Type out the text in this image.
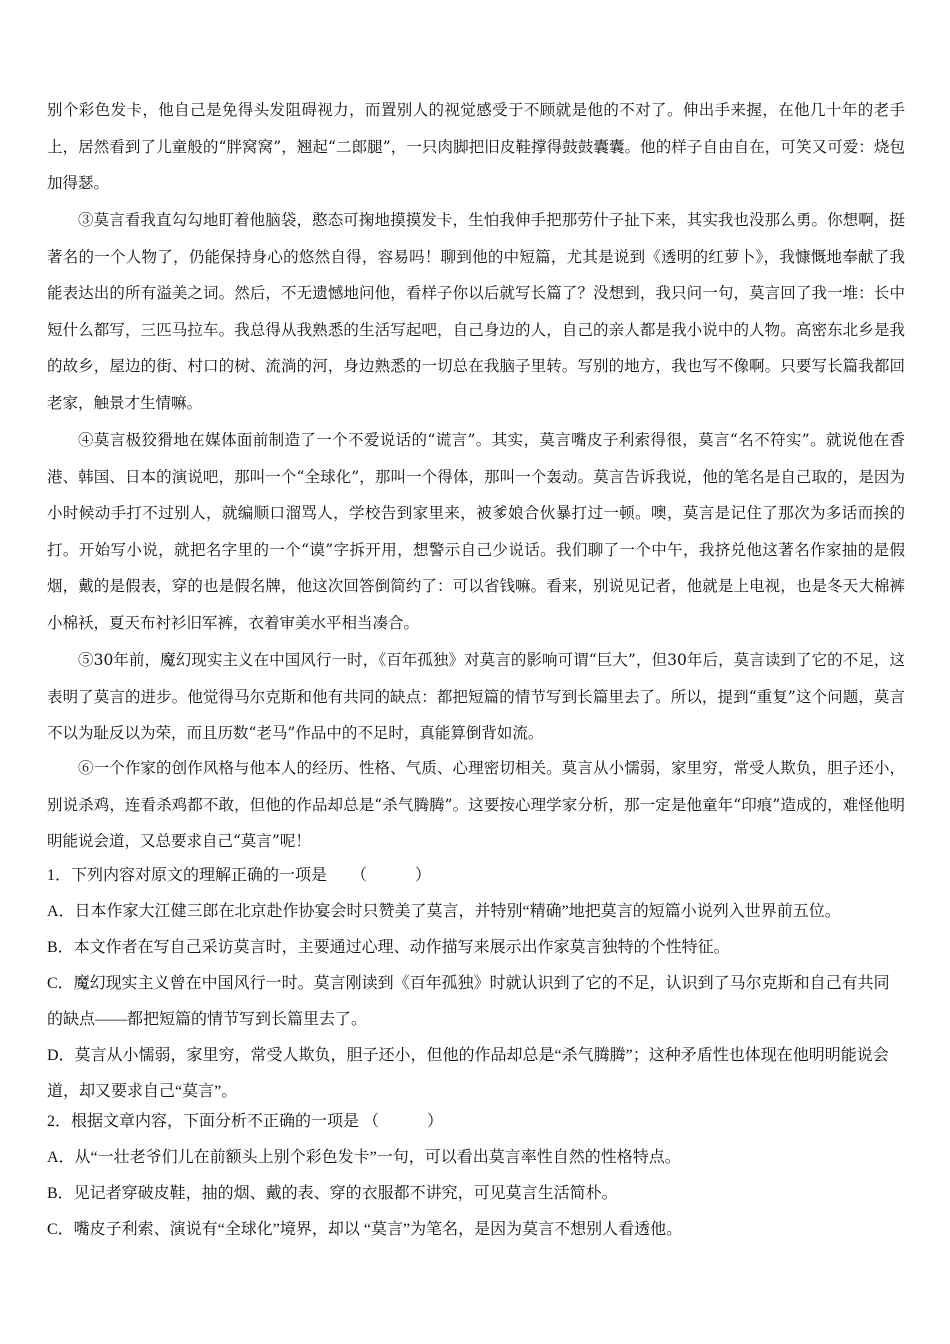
别个彩色发卡，他自己是免得头发阻碍视力，而置别人的视觉感受于不顾就是他的不对了。伸出手来握，在他几十年的老手上，居然看到了儿童般的“胖窝窝”，翘起“二郎腿”，一只肉脚把旧皮鞋撑得鼓鼓囊囊。他的样子自由自在，可笑又可爱：烧包加得瑟。

③莫言看我直勾勾地盯着他脑袋，憨态可掬地摸摸发卡，生怕我伸手把那劳什子扯下来，其实我也没那么勇。你想啊，挺著名的一个人物了，仍能保持身心的悠然自得，容易吗！聊到他的中短篇，尤其是说到《透明的红萝卜》，我慷慨地奉献了我能表达出的所有溢美之词。然后，不无遗憾地问他，看样子你以后就写长篇了？没想到，我只问一句，莫言回了我一堆：长中短什么都写，三匹马拉车。我总得从我熟悉的生活写起吧，自己身边的人，自己的亲人都是我小说中的人物。高密东北乡是我的故乡，屋边的街、村口的树、流淌的河，身边熟悉的一切总在我脑子里转。写别的地方，我也写不像啊。只要写长篇我都回老家，触景才生情嘛。

④莫言极狡猾地在媒体面前制造了一个不爱说话的“谎言”。其实，莫言嘴皮子利索得很，莫言“名不符实”。就说他在香港、韩国、日本的演说吧，那叫一个“全球化”，那叫一个得体，那叫一个轰动。莫言告诉我说，他的笔名是自己取的，是因为小时候动手打不过别人，就编顺口溜骂人，学校告到家里来，被爹娘合伙暴打过一顿。噢，莫言是记住了那次为多话而挨的打。开始写小说，就把名字里的一个“谟”字拆开用，想警示自己少说话。我们聊了一个中午，我挤兑他这著名作家抽的是假烟，戴的是假表，穿的也是假名牌，他这次回答倒简约了：可以省钱嘛。看来，别说见记者，他就是上电视，也是冬天大棉裤小棉袄，夏天布衬衫旧军裤，衣着审美水平相当凑合。

⑤30年前，魔幻现实主义在中国风行一时，《百年孤独》对莫言的影响可谓“巨大”，但30年后，莫言读到了它的不足，这表明了莫言的进步。他觉得马尔克斯和他有共同的缺点：都把短篇的情节写到长篇里去了。所以，提到“重复”这个问题，莫言不以为耻反以为荣，而且历数“老马”作品中的不足时，真能算倒背如流。

⑥一个作家的创作风格与他本人的经历、性格、气质、心理密切相关。莫言从小懦弱，家里穷，常受人欺负，胆子还小，别说杀鸡，连看杀鸡都不敢，但他的作品却总是“杀气腾腾”。这要按心理学家分析，那一定是他童年“印痕”造成的，难怪他明明能说会道，又总要求自己“莫言”呢！

1．下列内容对原文的理解正确的一项是 （　　　）

A．日本作家大江健三郎在北京赴作协宴会时只赞美了莫言，并特别“精确”地把莫言的短篇小说列入世界前五位。

B．本文作者在写自己采访莫言时，主要通过心理、动作描写来展示出作家莫言独特的个性特征。

C．魔幻现实主义曾在中国风行一时。莫言刚读到《百年孤独》时就认识到了它的不足，认识到了马尔克斯和自己有共同的缺点——都把短篇的情节写到长篇里去了。

D．莫言从小懦弱，家里穷，常受人欺负，胆子还小，但他的作品却总是“杀气腾腾”；这种矛盾性也体现在他明明能说会道，却又要求自己“莫言”。

2．根据文章内容，下面分析不正确的一项是 （　　　）

A．从“一壮老爷们儿在前额头上别个彩色发卡”一句，可以看出莫言率性自然的性格特点。

B．见记者穿破皮鞋，抽的烟、戴的表、穿的衣服都不讲究，可见莫言生活简朴。

C．嘴皮子利索、演说有“全球化”境界，却以 “莫言”为笔名，是因为莫言不想别人看透他。
